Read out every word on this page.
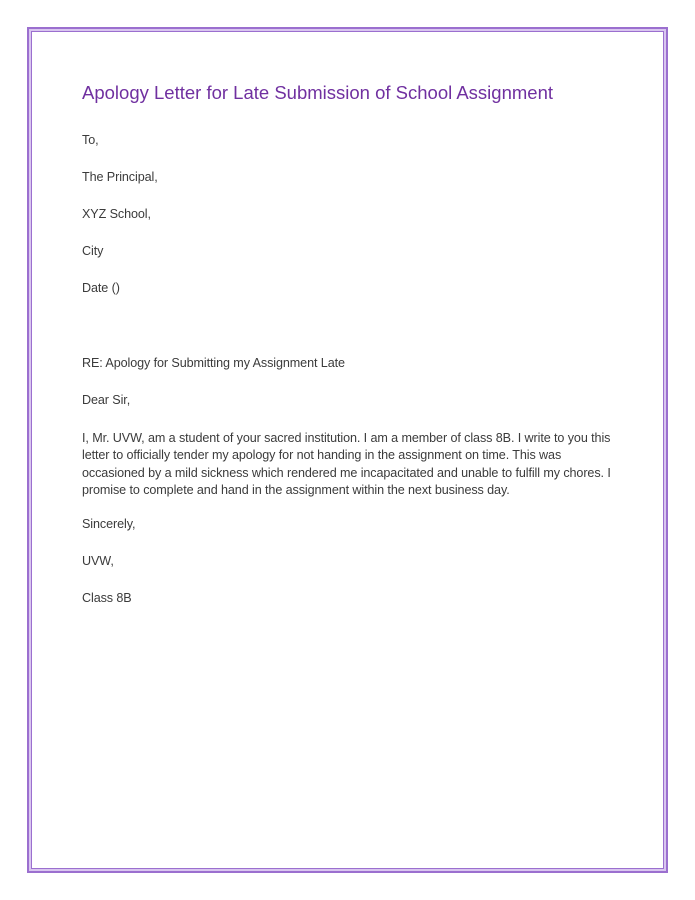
Apology Letter for Late Submission of School Assignment

To,

The Principal,

XYZ School,

City

Date ()

RE: Apology for Submitting my Assignment Late

Dear Sir,

I, Mr. UVW, am a student of your sacred institution. I am a member of class 8B. I write to you this letter to officially tender my apology for not handing in the assignment on time. This was occasioned by a mild sickness which rendered me incapacitated and unable to fulfill my chores. I promise to complete and hand in the assignment within the next business day.

Sincerely,

UVW,

Class 8B
